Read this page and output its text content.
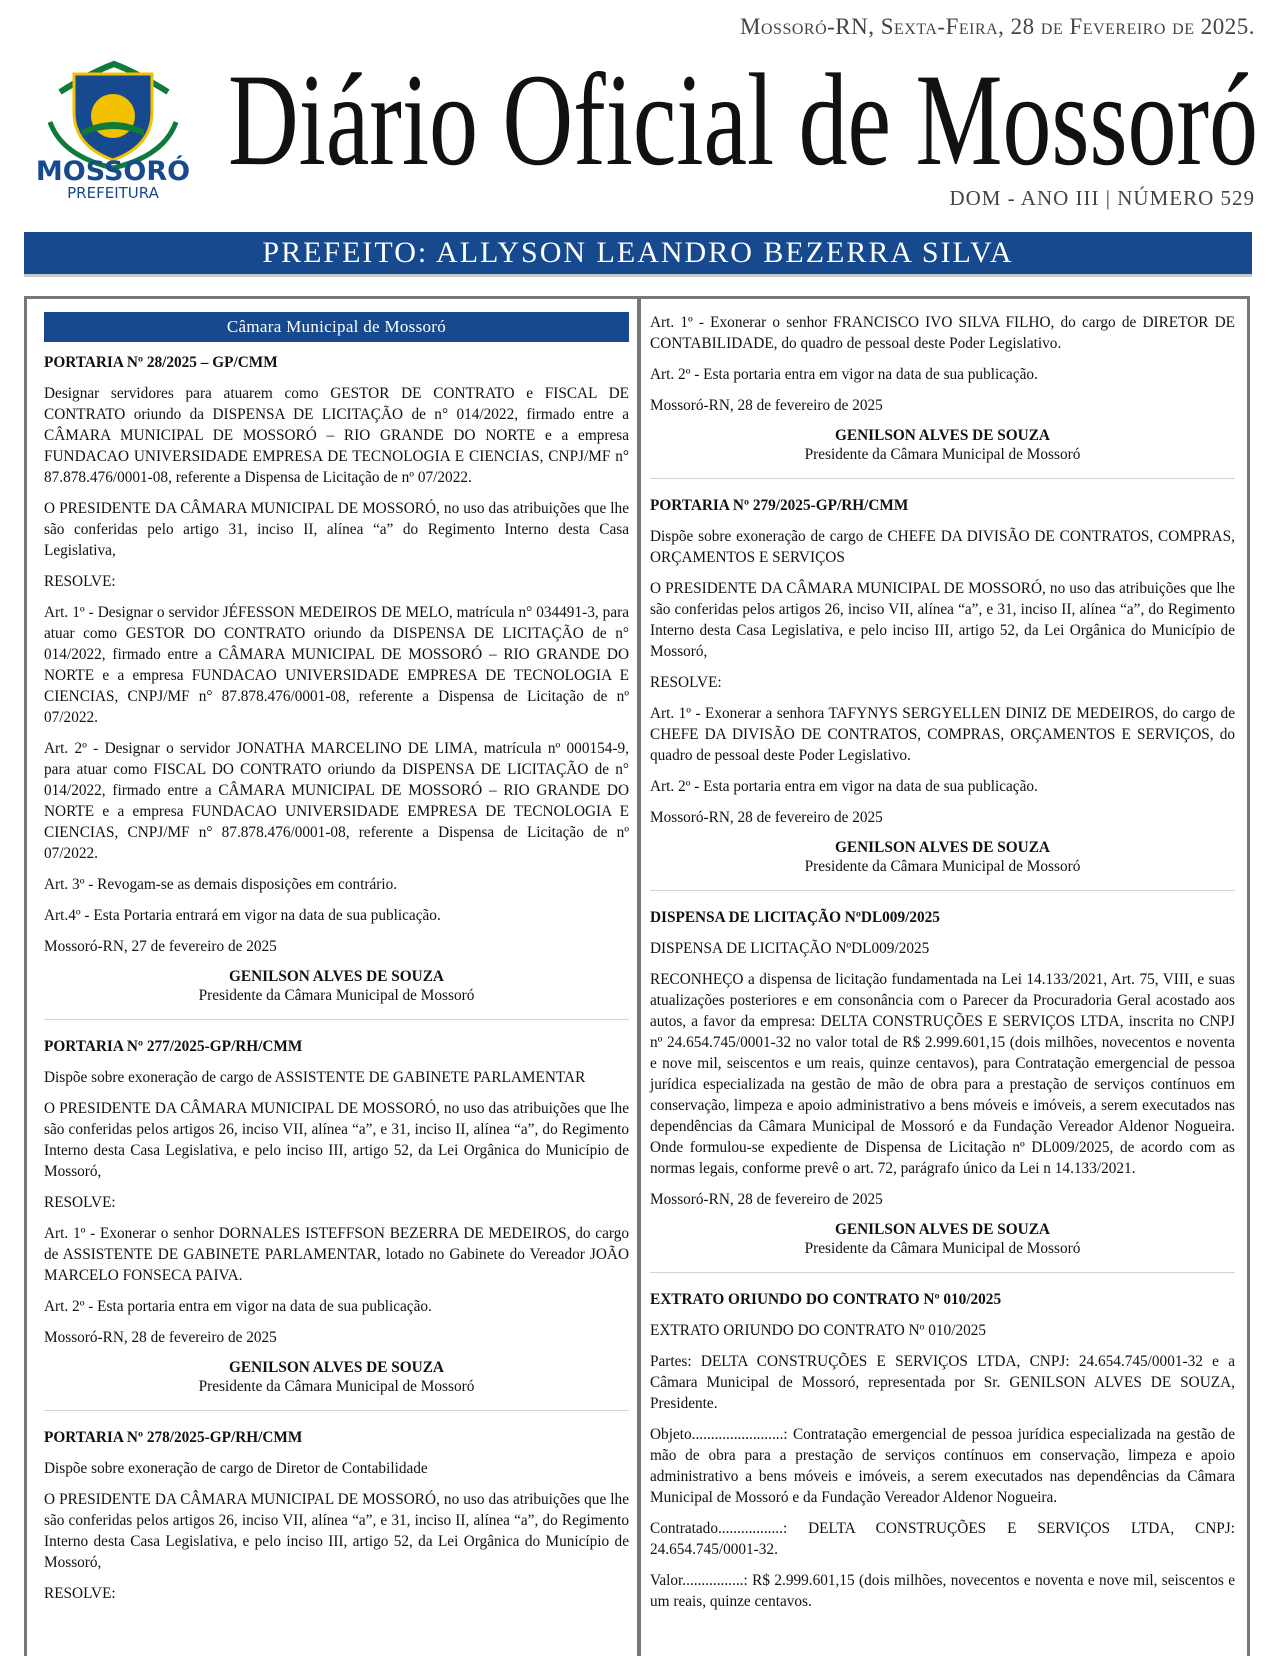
Mossoró-RN, Sexta-Feira, 28 de Fevereiro de 2025.
MOSSORÓ
PREFEITURA Diário Oficial de Mossoró
DOM - ANO III | NÚMERO 529
PREFEITO: ALLYSON LEANDRO BEZERRA SILVA
Câmara Municipal de Mossoró

PORTARIA Nº 28/2025 – GP/CMM

Designar servidores para atuarem como GESTOR DE CONTRATO e FISCAL DE CONTRATO oriundo da DISPENSA DE LICITAÇÃO de n° 014/2022, firmado entre a CÂMARA MUNICIPAL DE MOSSORÓ – RIO GRANDE DO NORTE e a empresa FUNDACAO UNIVERSIDADE EMPRESA DE TECNOLOGIA E CIENCIAS, CNPJ/MF n° 87.878.476/0001-08, referente a Dispensa de Licitação de nº 07/2022.

O PRESIDENTE DA CÂMARA MUNICIPAL DE MOSSORÓ, no uso das atribuições que lhe são conferidas pelo artigo 31, inciso II, alínea “a” do Regimento Interno desta Casa Legislativa,

RESOLVE:

Art. 1º - Designar o servidor JÉFESSON MEDEIROS DE MELO, matrícula n° 034491-3, para atuar como GESTOR DO CONTRATO oriundo da DISPENSA DE LICITAÇÃO de n° 014/2022, firmado entre a CÂMARA MUNICIPAL DE MOSSORÓ – RIO GRANDE DO NORTE e a empresa FUNDACAO UNIVERSIDADE EMPRESA DE TECNOLOGIA E CIENCIAS, CNPJ/MF n° 87.878.476/0001-08, referente a Dispensa de Licitação de nº 07/2022.

Art. 2º - Designar o servidor JONATHA MARCELINO DE LIMA, matrícula nº 000154-9, para atuar como FISCAL DO CONTRATO oriundo da DISPENSA DE LICITAÇÃO de n° 014/2022, firmado entre a CÂMARA MUNICIPAL DE MOSSORÓ – RIO GRANDE DO NORTE e a empresa FUNDACAO UNIVERSIDADE EMPRESA DE TECNOLOGIA E CIENCIAS, CNPJ/MF n° 87.878.476/0001-08, referente a Dispensa de Licitação de nº 07/2022.

Art. 3º - Revogam-se as demais disposições em contrário.

Art.4º - Esta Portaria entrará em vigor na data de sua publicação.

Mossoró-RN, 27 de fevereiro de 2025

GENILSON ALVES DE SOUZA
Presidente da Câmara Municipal de Mossoró

PORTARIA Nº 277/2025-GP/RH/CMM

Dispõe sobre exoneração de cargo de ASSISTENTE DE GABINETE PARLAMENTAR

O PRESIDENTE DA CÂMARA MUNICIPAL DE MOSSORÓ, no uso das atribuições que lhe são conferidas pelos artigos 26, inciso VII, alínea “a”, e 31, inciso II, alínea “a”, do Regimento Interno desta Casa Legislativa, e pelo inciso III, artigo 52, da Lei Orgânica do Município de Mossoró,

RESOLVE:

Art. 1º - Exonerar o senhor DORNALES ISTEFFSON BEZERRA DE MEDEIROS, do cargo de ASSISTENTE DE GABINETE PARLAMENTAR, lotado no Gabinete do Vereador JOÃO MARCELO FONSECA PAIVA.

Art. 2º - Esta portaria entra em vigor na data de sua publicação.

Mossoró-RN, 28 de fevereiro de 2025

GENILSON ALVES DE SOUZA
Presidente da Câmara Municipal de Mossoró

PORTARIA Nº 278/2025-GP/RH/CMM

Dispõe sobre exoneração de cargo de Diretor de Contabilidade

O PRESIDENTE DA CÂMARA MUNICIPAL DE MOSSORÓ, no uso das atribuições que lhe são conferidas pelos artigos 26, inciso VII, alínea “a”, e 31, inciso II, alínea “a”, do Regimento Interno desta Casa Legislativa, e pelo inciso III, artigo 52, da Lei Orgânica do Município de Mossoró,

RESOLVE:

Art. 1º - Exonerar o senhor FRANCISCO IVO SILVA FILHO, do cargo de DIRETOR DE CONTABILIDADE, do quadro de pessoal deste Poder Legislativo.

Art. 2º - Esta portaria entra em vigor na data de sua publicação.

Mossoró-RN, 28 de fevereiro de 2025

GENILSON ALVES DE SOUZA
Presidente da Câmara Municipal de Mossoró

PORTARIA Nº 279/2025-GP/RH/CMM

Dispõe sobre exoneração de cargo de CHEFE DA DIVISÃO DE CONTRATOS, COMPRAS, ORÇAMENTOS E SERVIÇOS

O PRESIDENTE DA CÂMARA MUNICIPAL DE MOSSORÓ, no uso das atribuições que lhe são conferidas pelos artigos 26, inciso VII, alínea “a”, e 31, inciso II, alínea “a”, do Regimento Interno desta Casa Legislativa, e pelo inciso III, artigo 52, da Lei Orgânica do Município de Mossoró,

RESOLVE:

Art. 1º - Exonerar a senhora TAFYNYS SERGYELLEN DINIZ DE MEDEIROS, do cargo de CHEFE DA DIVISÃO DE CONTRATOS, COMPRAS, ORÇAMENTOS E SERVIÇOS, do quadro de pessoal deste Poder Legislativo.

Art. 2º - Esta portaria entra em vigor na data de sua publicação.

Mossoró-RN, 28 de fevereiro de 2025

GENILSON ALVES DE SOUZA
Presidente da Câmara Municipal de Mossoró

DISPENSA DE LICITAÇÃO NºDL009/2025

DISPENSA DE LICITAÇÃO NºDL009/2025

RECONHEÇO a dispensa de licitação fundamentada na Lei 14.133/2021, Art. 75, VIII, e suas atualizações posteriores e em consonância com o Parecer da Procuradoria Geral acostado aos autos, a favor da empresa: DELTA CONSTRUÇÕES E SERVIÇOS LTDA, inscrita no CNPJ nº 24.654.745/0001-32 no valor total de R$ 2.999.601,15 (dois milhões, novecentos e noventa e nove mil, seiscentos e um reais, quinze centavos), para Contratação emergencial de pessoa jurídica especializada na gestão de mão de obra para a prestação de serviços contínuos em conservação, limpeza e apoio administrativo a bens móveis e imóveis, a serem executados nas dependências da Câmara Municipal de Mossoró e da Fundação Vereador Aldenor Nogueira. Onde formulou-se expediente de Dispensa de Licitação nº DL009/2025, de acordo com as normas legais, conforme prevê o art. 72, parágrafo único da Lei n 14.133/2021.

Mossoró-RN, 28 de fevereiro de 2025

GENILSON ALVES DE SOUZA
Presidente da Câmara Municipal de Mossoró

EXTRATO ORIUNDO DO CONTRATO Nº 010/2025

EXTRATO ORIUNDO DO CONTRATO Nº 010/2025

Partes: DELTA CONSTRUÇÕES E SERVIÇOS LTDA, CNPJ: 24.654.745/0001-32 e a Câmara Municipal de Mossoró, representada por Sr. GENILSON ALVES DE SOUZA, Presidente.

Objeto........................: Contratação emergencial de pessoa jurídica especializada na gestão de mão de obra para a prestação de serviços contínuos em conservação, limpeza e apoio administrativo a bens móveis e imóveis, a serem executados nas dependências da Câmara Municipal de Mossoró e da Fundação Vereador Aldenor Nogueira.

Contratado.................: DELTA CONSTRUÇÕES E SERVIÇOS LTDA, CNPJ: 24.654.745/0001-32.

Valor................: R$ 2.999.601,15 (dois milhões, novecentos e noventa e nove mil, seiscentos e um reais, quinze centavos.
